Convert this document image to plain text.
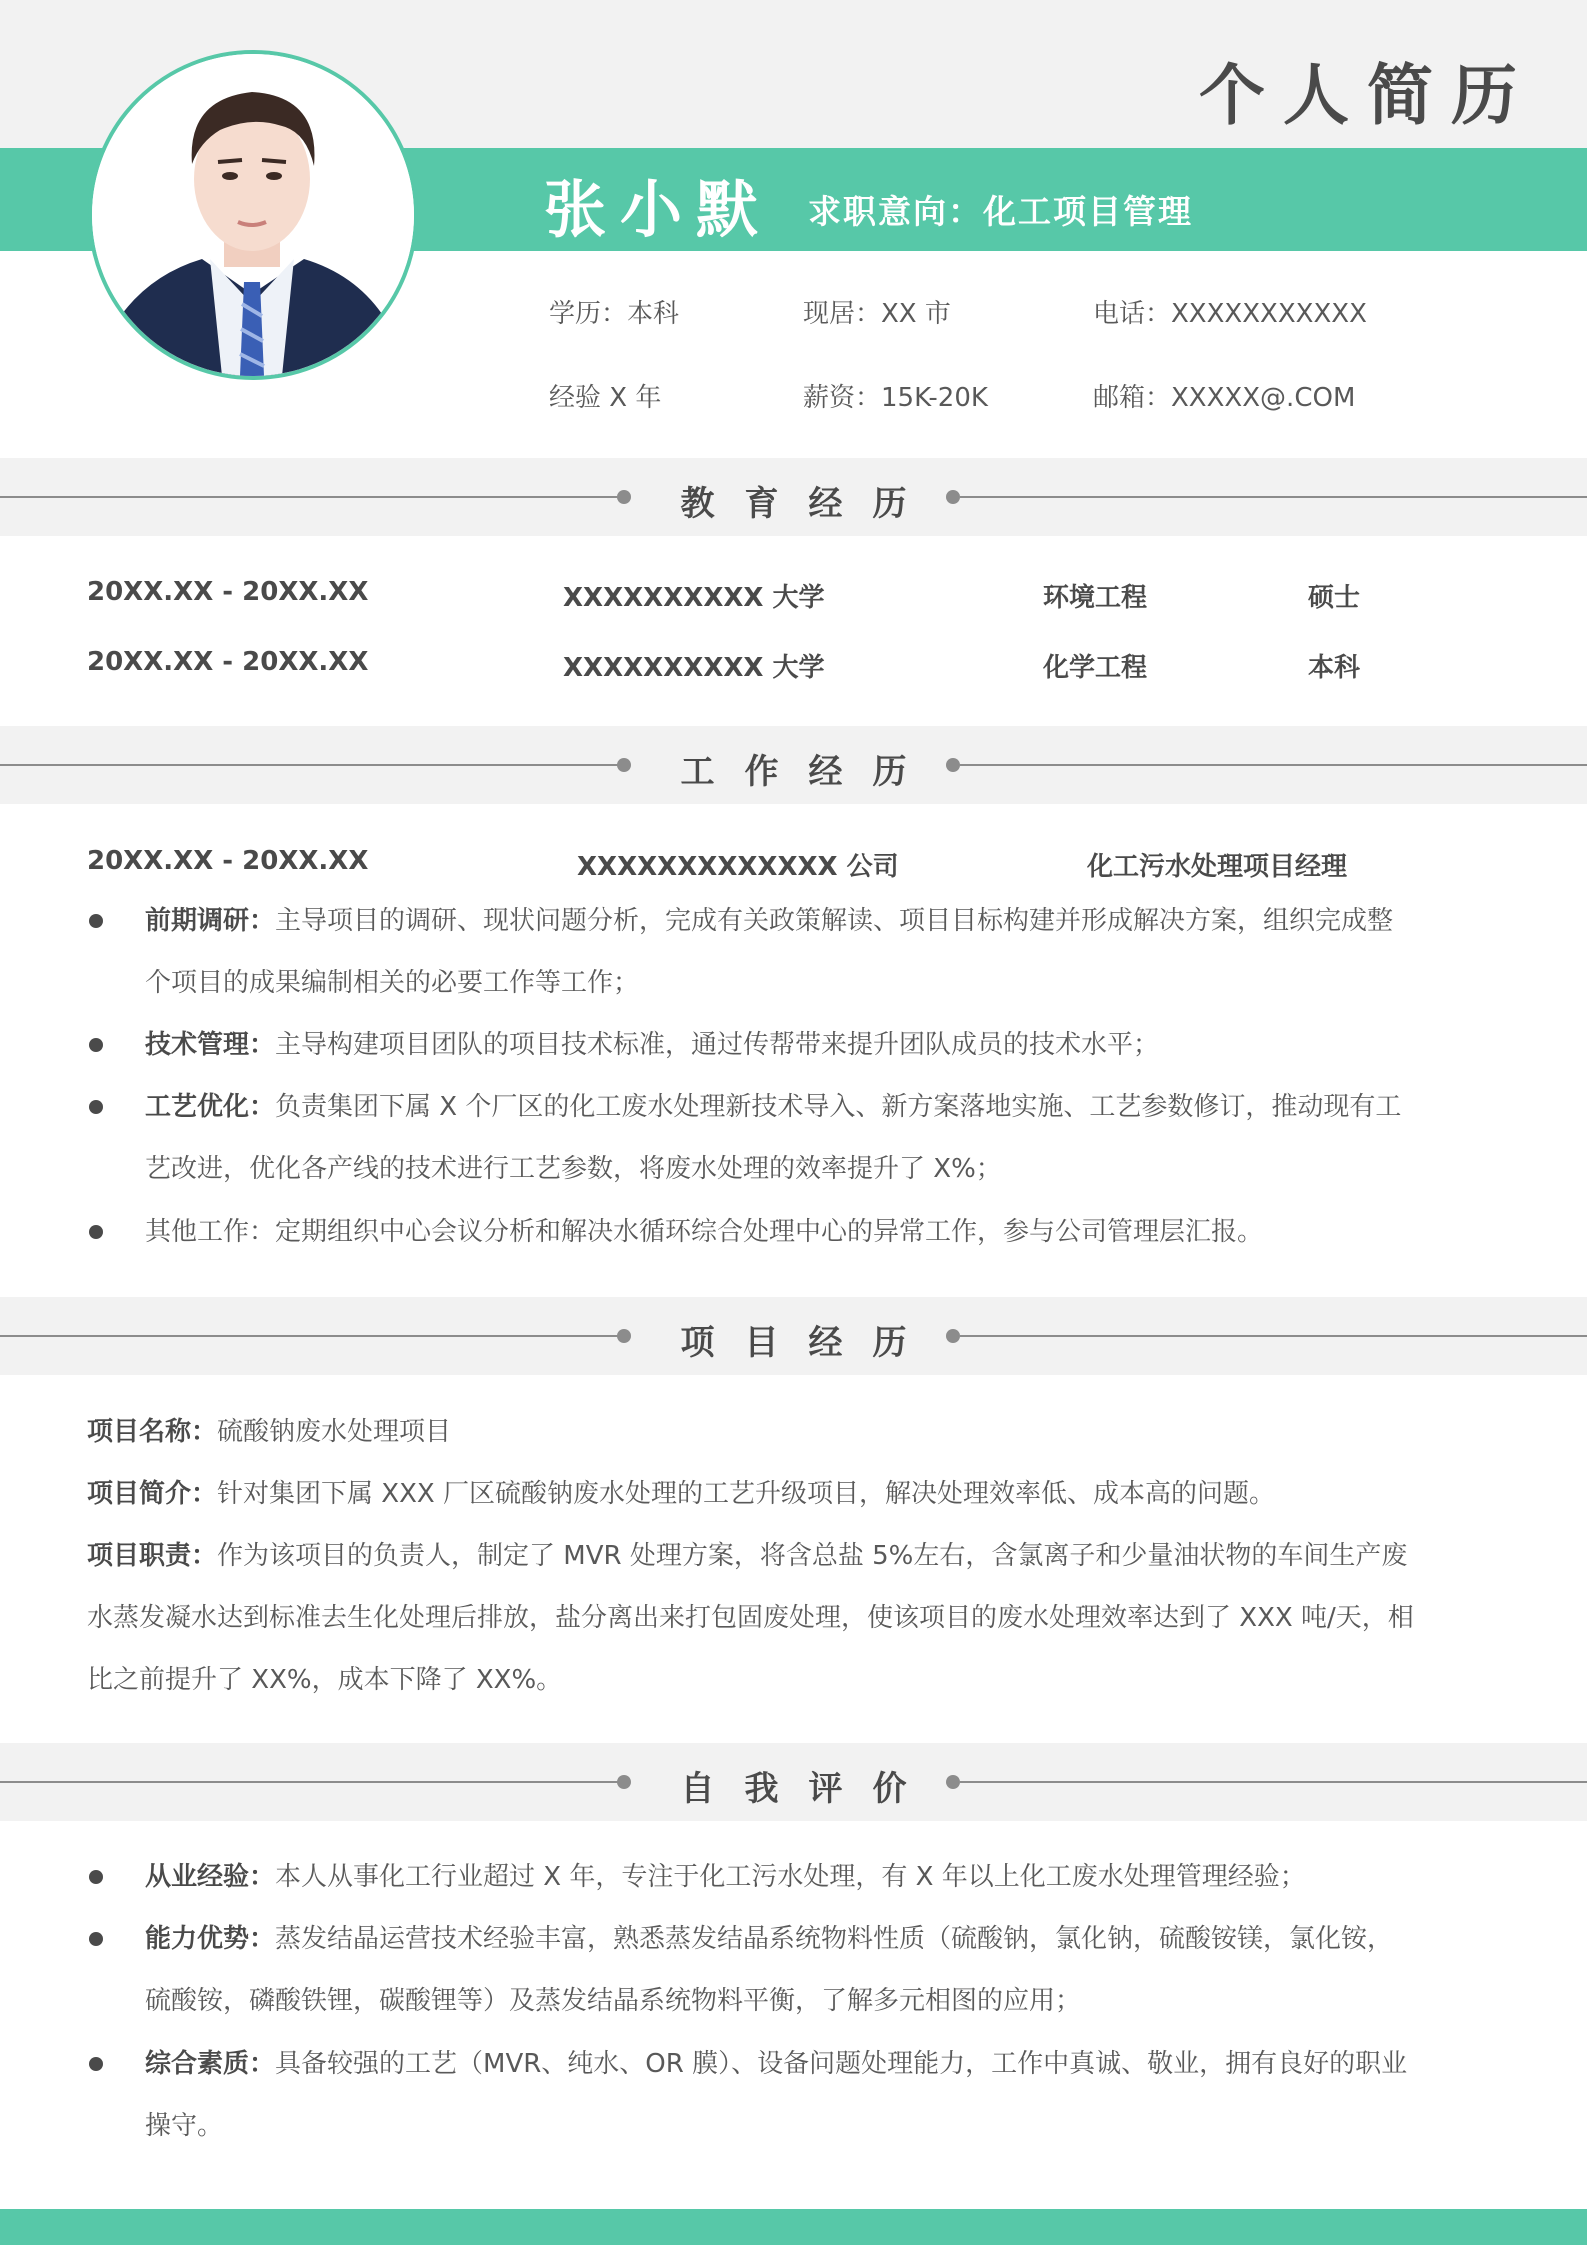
个人简历
张小默 求职意向：化工项目管理
学历：本科	现居：XX 市	电话：XXXXXXXXXXX
经验 X 年	薪资：15K-20K	邮箱：XXXXX@.COM
教育经历
20XX.XX - 20XX.XX	XXXXXXXXXX 大学	环境工程	硕士
20XX.XX - 20XX.XX	XXXXXXXXXX 大学	化学工程	本科
工作经历
20XX.XX - 20XX.XX	XXXXXXXXXXXXX 公司	化工污水处理项目经理
前期调研：主导项目的调研、现状问题分析，完成有关政策解读、项目目标构建并形成解决方案，组织完成整
个项目的成果编制相关的必要工作等工作；
技术管理：主导构建项目团队的项目技术标准，通过传帮带来提升团队成员的技术水平；
工艺优化：负责集团下属 X 个厂区的化工废水处理新技术导入、新方案落地实施、工艺参数修订，推动现有工
艺改进，优化各产线的技术进行工艺参数，将废水处理的效率提升了 X%；
其他工作：定期组织中心会议分析和解决水循环综合处理中心的异常工作，参与公司管理层汇报。
项目经历
项目名称：硫酸钠废水处理项目
项目简介：针对集团下属 XXX 厂区硫酸钠废水处理的工艺升级项目，解决处理效率低、成本高的问题。
项目职责：作为该项目的负责人，制定了 MVR 处理方案，将含总盐 5%左右，含氯离子和少量油状物的车间生产废
水蒸发凝水达到标准去生化处理后排放，盐分离出来打包固废处理，使该项目的废水处理效率达到了 XXX 吨/天，相
比之前提升了 XX%，成本下降了 XX%。
自我评价
从业经验：本人从事化工行业超过 X 年，专注于化工污水处理，有 X 年以上化工废水处理管理经验；
能力优势：蒸发结晶运营技术经验丰富，熟悉蒸发结晶系统物料性质（硫酸钠，氯化钠，硫酸铵镁，氯化铵，
硫酸铵，磷酸铁锂，碳酸锂等）及蒸发结晶系统物料平衡，了解多元相图的应用；
综合素质：具备较强的工艺（MVR、纯水、OR 膜）、设备问题处理能力，工作中真诚、敬业，拥有良好的职业
操守。
